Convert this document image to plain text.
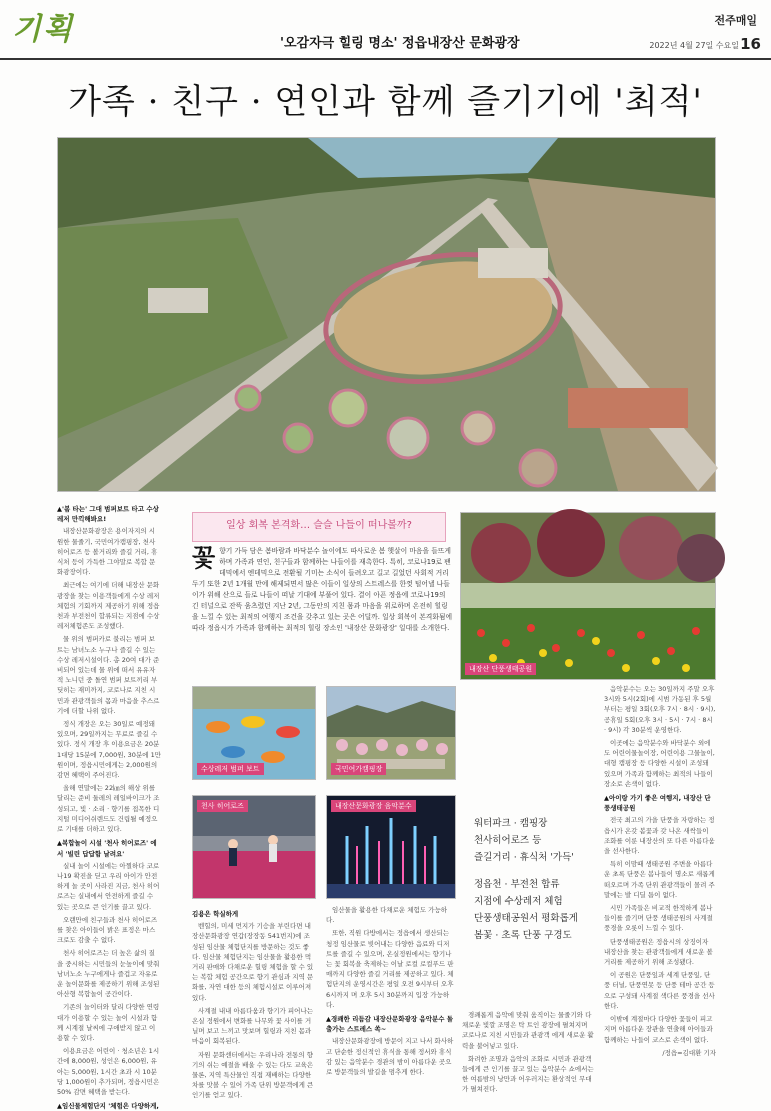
기획	'오감자극 힐링 명소' 정읍내장산 문화광장
전주매일
2022년 4월 27일 수요일 16
가족 · 친구 · 연인과 함께 즐기기에 '최적'

▲'봄 타는' 그대 범퍼보트 타고 수상레저 만끽해봐요!

내장산문화광장은 용이자지의 시원한 물줄기, 국민여가캠핑장, 천사 히어로즈 등 볼거리와 즐길 거리, 휴식처 등이 가득한 그야말로 복합 문화광장이다.

최근에는 여기에 더해 내장산 문화광장을 찾는 이용객들에게 수상 레저 체험의 기회까지 제공하기 위해 정읍천과 부전천이 합류되는 지점에 수상레저체험존도 조성했다.

물 위의 범퍼카로 불리는 범퍼 보트는 남녀노소 누구나 즐길 수 있는 수상 레저시설이다. 총 20여 대가 준비되어 있는데 물 위에 떠서 유유자적 노니던 중 돌연 범퍼 보트끼리 부딪히는 재미까지, 코로나로 지친 시민과 관광객들의 몸과 마음을 추스르기에 더할 나위 없다.

정식 개장은 오는 30일로 예정돼 있으며, 29일까지는 무료로 즐길 수 있다. 정식 개장 후 이용요금은 20분 1대당 15분에 7,000원, 30분에 1만원이며, 정읍시민에게는 2,000원의 감면 혜택이 주어진다.

올해 연말에는 22㎞의 해상 위를 달리는 준비 둘레의 레일바이크가 조성되고, 빛 · 소리 · 향기를 접목한 디지털 미디어쉬렌드도 건립될 예정으로 기대를 더하고 있다.

▲복합놀이 시설 '천사 히어로즈' 에서 '빌린 답답함 날려요'

실내 놀이 시설에는 아찔하다 코로나19 확진을 딛고 우리 아이가 안전하게 놀 곳이 사라진 지금, 천사 히어로즈는 실내에서 안전하게 즐길 수 있는 곳으로 큰 인기를 끌고 있다.

오랜만에 친구들과 천사 히어로즈를 찾은 아이들이 밝은 표정은 마스크로도 감출 수 없다.

천사 히어로즈는 더 높은 삶의 질을 중시하는 시민들의 눈높이에 맞춰 남녀노소 누구에게나 즐겁고 자유로운 놀이문화를 제공하기 위해 조성된 아산형 복합놀이 공간이다.

기존의 놀이터와 달리 다양한 연령대가 이용할 수 있는 놀이 시설과 함께 시계절 날씨에 구애받지 않고 이용할 수 있다.

이용요금은 어린이 · 청소년은 1시간에 8,000원, 성인은 6,000원, 유아는 5,000원, 1시간 초과 시 10분당 1,000원이 추가되며, 정읍시민은 50% 감면 혜택을 받는다.

▲임신물체험단지 '체험은 다양하게,

일상 회복 본격화… 슬슬 나들이 떠나볼까?
꽃 향기 가득 담은 봄바람과 바닥분수 놀이에도 따사로운 봄 햇살이 마음을 들뜨게 하며 가족과 연인, 친구들과 함께하는 나들이를 재촉한다. 특히, 코로나19로 팬데믹에서 엔데믹으로 전환될 기미는 소식이 들려오고 길고 길었던 사회적 거리두기 또한 2년 1개월 만에 해제되면서 많은 이들이 일상의 스트레스를 한껏 털어낼 나들이가 위해 산으로 들로 나들이 떠날 기대에 부풀어 있다. 결이 아픈 정읍에 코로나19의 긴 터널으로 잔뜩 움츠렸던 지난 2년, 그동안의 지친 몸과 마음을 위로하며 온전히 힐링을 느낄 수 있는 최적의 여행지 조건을 갖추고 있는 곳은 어딜까. 일상 회복이 본격화됨에 따라 정읍시가 가족과 함께하는 최적의 힐링 장소인 '내장산 문화광장' 일대를 소개한다.
내장산 단풍생태공원
수상레저 범퍼 보트	국민여가캠핑장
천사 히어로즈	내장산문화광장 음악분수

김용은 학실하게

벤힐의, 미세 먼지가 기승을 부린다면 내장산문화광장 연갑(장장동 541번지)에 조성된 임산물 체험단지를 방문하는 것도 좋다. 임산물 체험단지는 임산물을 활용한 먹거리 판매와 다채로운 힐링 체험을 할 수 있는 복합 체험 공간으로 향기 관심과 지역 문화를, 자연 대한 등의 체험시설로 이루어져 있다.

사계절 내내 아름다움과 향기가 피어나는 온실 정원에서 변화를 나무와 꽃 사이를 거닐며 보고 느끼고 맛보며 힐링과 지친 몸과 마음이 회복된다.

자원 문화센터에서는 우리나라 전통의 향기의 쉬는 예절을 배울 수 있는 다도 교육은 물론, 지역 특산물인 직접 재배하는 다양한 차를 맛볼 수 있어 가족 단위 방문객에게 큰 인기를 얻고 있다.

임산물을 활용한 다채로운 체험도 가능하다.

또한, 직원 다방에서는 정읍에서 생산되는 청정 임산물로 빚어내는 다양한 음료와 디저트를 즐길 수 있으며, 온실정원에서는 향기나는 꽃 회복을 축제하는 이날 로컬 로컬푸드 판매까지 다양한 즐길 거리를 제공하고 있다. 체험단지의 운영시간은 평일 오전 9시부터 오후 6시까지 며 오후 5시 30분까지 입장 가능하다.

▲경쾌한 리듬감 내장산문화광장 음악분수 돌출가는 스트레스 쏙~

내장산문화광장에 방문이 지고 나서 화사하고 단순한 정신적인 휴식을 통해 정서와 휴식감 있는 음악분수 경관의 밤이 아름다운 곳으로 방문객들의 발길을 멈추게 한다.

워터파크 · 캠핑장
천사히어로즈 등
즐길거리 · 휴식처 '가득'
정읍천 · 부전천 합류
지점에 수상레저 체험
단풍생태공원서 평화롭게
봄꽃 · 초록 단풍 구경도

경쾌롭게 음악에 맞춰 움직이는 물줄기와 다채로운 빛깔 조명은 탁 트인 광장에 펼쳐지며 코로나로 지친 시민들과 관광객 에게 새로운 활력을 불어넣고 있다.

화려한 조명과 음악의 조화로 시민과 관광객들에게 큰 인기를 끌고 있는 음악분수 쇼에서는 한 여름밤의 낭만과 어우러지는 환상적인 무대가 펼쳐진다.

음악분수는 오는 30일까지 주말 오후 3시와 5시(2회)에 시범 가동된 후 5월부터는 평일 3회(오후 7시 · 8시 · 9시), 공휴일 5회(오후 3시 · 5시 · 7시 · 8시 · 9시) 각 30분씩 운영한다.

이곳에는 음악분수와 바닥분수 외에도 어린이물놀이장, 어린이용 그물놀이, 대형 캠핑장 등 다양한 시설이 조성돼 있으며 가족과 함께하는 최적의 나들이 장소로 손색이 없다.

▲아이랑 가기 좋은 여행지, 내장산 단풍생태공원

전국 최고의 가을 단풍을 자랑하는 정읍시가 온갖 봄꽃과 갖 나온 새싹들이 조화를 이룬 내장산의 또 다른 아름다움을 선사한다.

특히 이맘때 생태공원 주변을 아름다운 초록 단풍은 봄나들이 명소로 새롭게 떠오르며 가족 단위 관광객들이 몰려 주말에는 발 디딜 틈이 없다.

시민 가족들은 비교적 한적하게 봄나들이를 즐기며 단풍 생태공원의 사계절 풍경을 오롯이 느낄 수 있다.

단풍생태공원은 정읍시의 상징이자 내장산을 찾는 관광객들에게 새로운 볼거리를 제공하기 위해 조성됐다.

이 공원은 단풍잎과 세계 단풍잎, 단풍 터널, 단풍연못 등 단풍 테마 공간 등으로 구성돼 사계절 색다른 풍경을 선사한다.

이밖에 계절마다 다양한 꽃들이 피고 지며 아름다운 장관을 연출해 아이들과 함께하는 나들이 코스로 손색이 없다.

/정읍=김대환 기자
